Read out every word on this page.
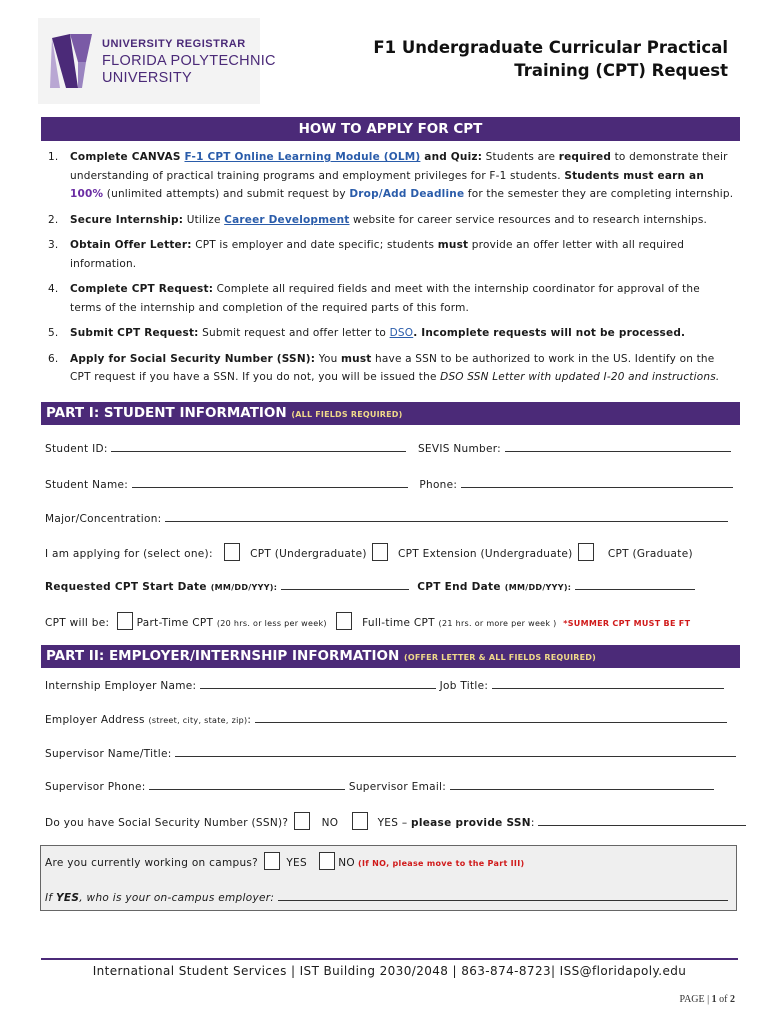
UNIVERSITY REGISTRAR
FLORIDA POLYTECHNIC
UNIVERSITY
F1 Undergraduate Curricular Practical
Training (CPT) Request
HOW TO APPLY FOR CPT
1. Complete CANVAS F-1 CPT Online Learning Module (OLM) and Quiz: Students are required to demonstrate their understanding of practical training programs and employment privileges for F-1 students. Students must earn an 100% (unlimited attempts) and submit request by Drop/Add Deadline for the semester they are completing internship.
2. Secure Internship: Utilize Career Development website for career service resources and to research internships.
3. Obtain Offer Letter: CPT is employer and date specific; students must provide an offer letter with all required information.
4. Complete CPT Request: Complete all required fields and meet with the internship coordinator for approval of the terms of the internship and completion of the required parts of this form.
5. Submit CPT Request: Submit request and offer letter to DSO. Incomplete requests will not be processed.
6. Apply for Social Security Number (SSN): You must have a SSN to be authorized to work in the US. Identify on the CPT request if you have a SSN. If you do not, you will be issued the DSO SSN Letter with updated I-20 and instructions.
PART I: STUDENT INFORMATION (ALL FIELDS REQUIRED)
Student ID:	SEVIS Number:
Student Name:	Phone:
Major/Concentration:
I am applying for (select one):	CPT (Undergraduate)	CPT Extension (Undergraduate)	CPT (Graduate)
Requested CPT Start Date (MM/DD/YYY):	CPT End Date (MM/DD/YYY):
CPT will be:	Part-Time CPT (20 hrs. or less per week)	Full-time CPT (21 hrs. or more per week ) *SUMMER CPT MUST BE FT
PART II: EMPLOYER/INTERNSHIP INFORMATION (OFFER LETTER & ALL FIELDS REQUIRED)
Internship Employer Name:	Job Title:
Employer Address (street, city, state, zip):
Supervisor Name/Title:
Supervisor Phone:	Supervisor Email:
Do you have Social Security Number (SSN)?	NO	YES – please provide SSN:
Are you currently working on campus?	YES	NO (If NO, please move to the Part III)
If YES, who is your on-campus employer:
International Student Services | IST Building 2030/2048 | 863-874-8723| ISS@floridapoly.edu
PAGE | 1 of 2
